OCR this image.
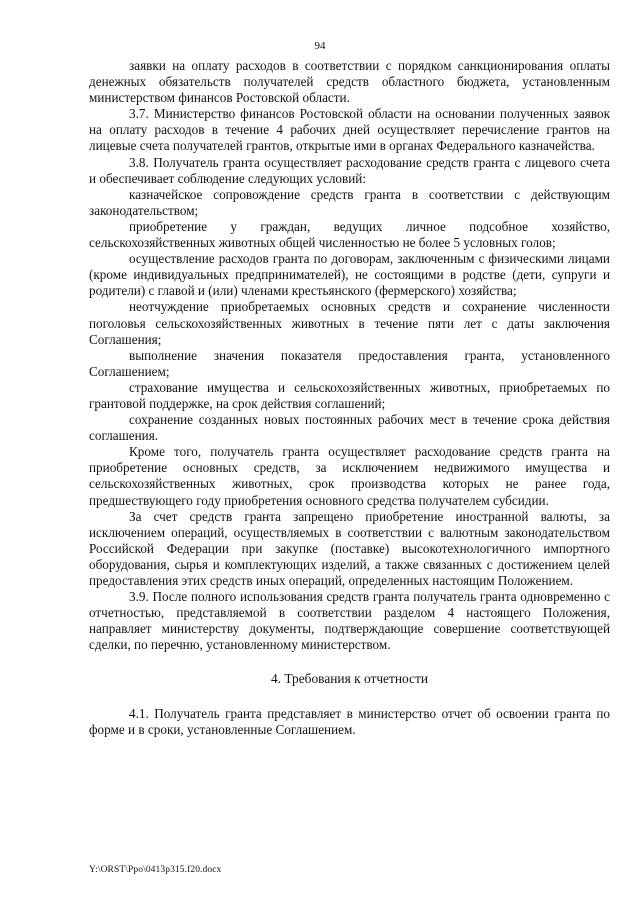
94

заявки на оплату расходов в соответствии с порядком санкционирования оплаты денежных обязательств получателей средств областного бюджета, установленным министерством финансов Ростовской области.

3.7. Министерство финансов Ростовской области на основании полученных заявок на оплату расходов в течение 4 рабочих дней осуществляет перечисление грантов на лицевые счета получателей грантов, открытые ими в органах Федерального казначейства.

3.8. Получатель гранта осуществляет расходование средств гранта с лицевого счета и обеспечивает соблюдение следующих условий:

казначейское сопровождение средств гранта в соответствии с действующим законодательством;

приобретение у граждан, ведущих личное подсобное хозяйство, сельскохозяйственных животных общей численностью не более 5 условных голов;

осуществление расходов гранта по договорам, заключенным с физическими лицами (кроме индивидуальных предпринимателей), не состоящими в родстве (дети, супруги и родители) с главой и (или) членами крестьянского (фермерского) хозяйства;

неотчуждение приобретаемых основных средств и сохранение численности поголовья сельскохозяйственных животных в течение пяти лет с даты заключения Соглашения;

выполнение значения показателя предоставления гранта, установленного Соглашением;

страхование имущества и сельскохозяйственных животных, приобретаемых по грантовой поддержке, на срок действия соглашений;

сохранение созданных новых постоянных рабочих мест в течение срока действия соглашения.

Кроме того, получатель гранта осуществляет расходование средств гранта на приобретение основных средств, за исключением недвижимого имущества и сельскохозяйственных животных, срок производства которых не ранее года, предшествующего году приобретения основного средства получателем субсидии.

За счет средств гранта запрещено приобретение иностранной валюты, за исключением операций, осуществляемых в соответствии с валютным законодательством Российской Федерации при закупке (поставке) высокотехнологичного импортного оборудования, сырья и комплектующих изделий, а также связанных с достижением целей предоставления этих средств иных операций, определенных настоящим Положением.

3.9. После полного использования средств гранта получатель гранта одновременно с отчетностью, представляемой в соответствии разделом 4 настоящего Положения, направляет министерству документы, подтверждающие совершение соответствующей сделки, по перечню, установленному министерством.

4. Требования к отчетности

4.1. Получатель гранта представляет в министерство отчет об освоении гранта по форме и в сроки, установленные Соглашением.

Y:\ORST\Ppo\0413p315.f20.docx
